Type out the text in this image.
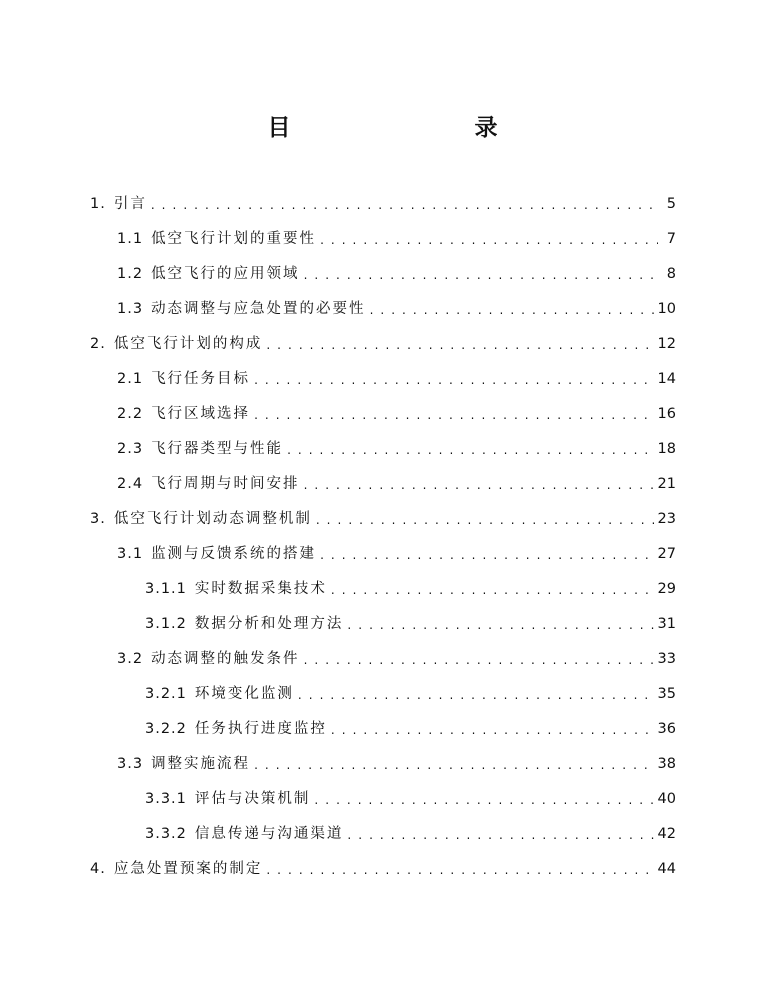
目　　录
1. 引言 . . .	5
1.1 低空飞行计划的重要性 . . .	7
1.2 低空飞行的应用领域 . . .	8
1.3 动态调整与应急处置的必要性 . . .	10
2. 低空飞行计划的构成 . . .	12
2.1 飞行任务目标 . . .	14
2.2 飞行区域选择 . . .	16
2.3 飞行器类型与性能 . . .	18
2.4 飞行周期与时间安排 . . .	21
3. 低空飞行计划动态调整机制 . . .	23
3.1 监测与反馈系统的搭建 . . .	27
3.1.1 实时数据采集技术 . . .	29
3.1.2 数据分析和处理方法 . . .	31
3.2 动态调整的触发条件 . . .	33
3.2.1 环境变化监测 . . .	35
3.2.2 任务执行进度监控 . . .	36
3.3 调整实施流程 . . .	38
3.3.1 评估与决策机制 . . .	40
3.3.2 信息传递与沟通渠道 . . .	42
4. 应急处置预案的制定 . . .	44
